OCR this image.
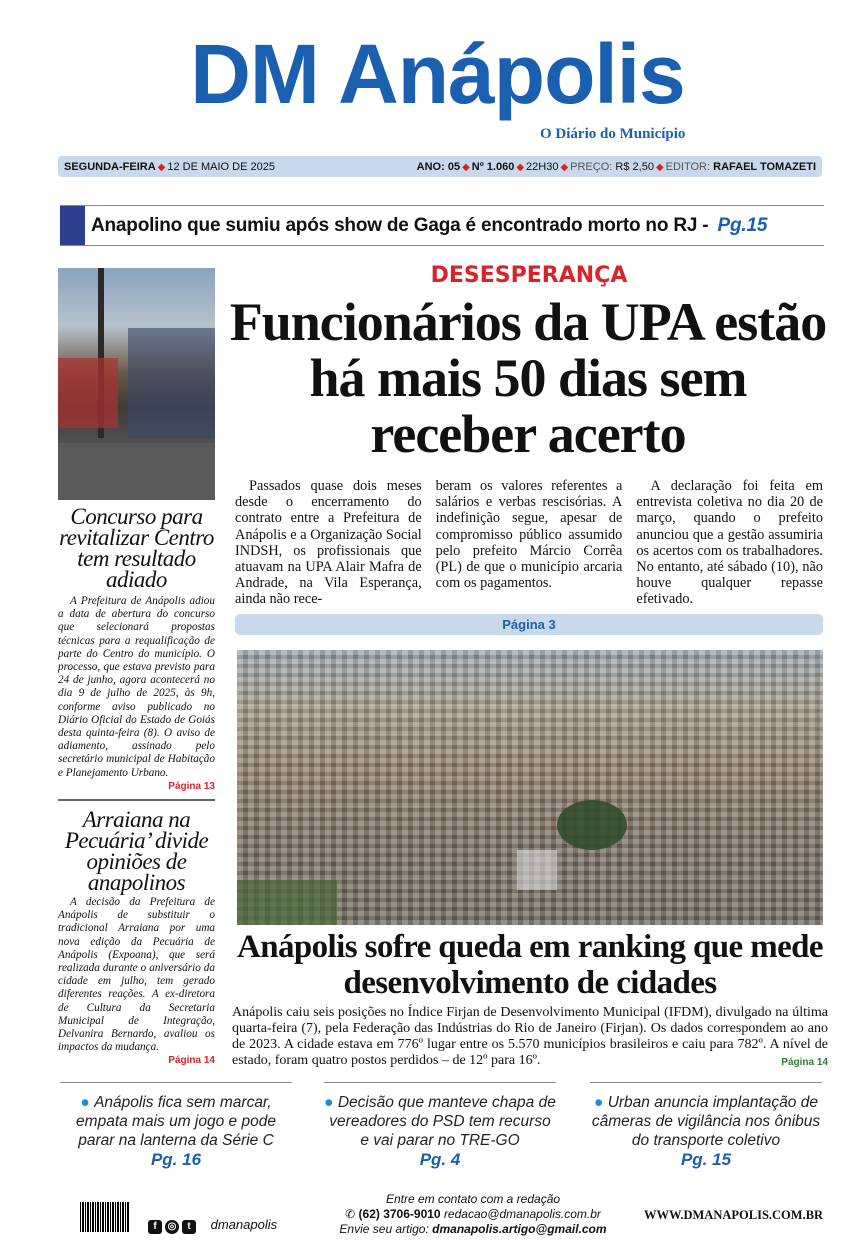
DM Anápolis
O Diário do Município
SEGUNDA-FEIRA ◆ 12 DE MAIO DE 2025	ANO: 05 ◆ Nº 1.060 ◆ 22H30 ◆ PREÇO: R$ 2,50 ◆ EDITOR: RAFAEL TOMAZETI
Anapolino que sumiu após show de Gaga é encontrado morto no RJ - Pg.15
Concurso para revitalizar Centro tem resultado adiado
A Prefeitura de Anápolis adiou a data de abertura do concurso que selecionará propostas técnicas para a requalificação de parte do Centro do município. O processo, que estava previsto para 24 de junho, agora acontecerá no dia 9 de julho de 2025, às 9h, conforme aviso publicado no Diário Oficial do Estado de Goiás desta quinta-feira (8). O aviso de adiamento, assinado pelo secretário municipal de Habitação e Planejamento Urbano.
Página 13
Arraiana na Pecuária’ divide opiniões de anapolinos
A decisão da Prefeitura de Anápolis de substituir o tradicional Arraiana por uma nova edição da Pecuária de Anápolis (Expoana), que será realizada durante o aniversário da cidade em julho, tem gerado diferentes reações. A ex-diretora de Cultura da Secretaria Municipal de Integração, Delvanira Bernardo, avaliou os impactos da mudança.
Página 14
DESESPERANÇA
Funcionários da UPA estão há mais 50 dias sem receber acerto

Passados quase dois meses desde o encerramento do contrato entre a Prefeitura de Anápolis e a Organização Social INDSH, os profissionais que atuavam na UPA Alair Mafra de Andrade, na Vila Esperança, ainda não rece-

beram os valores referentes a salários e verbas rescisórias. A indefinição segue, apesar de compromisso público assumido pelo prefeito Márcio Corrêa (PL) de que o município arcaria com os pagamentos.

A declaração foi feita em entrevista coletiva no dia 20 de março, quando o prefeito anunciou que a gestão assumiria os acertos com os trabalhadores. No entanto, até sábado (10), não houve qualquer repasse efetivado.

Página 3
Anápolis sofre queda em ranking que mede desenvolvimento de cidades
Anápolis caiu seis posições no Índice Firjan de Desenvolvimento Municipal (IFDM), divulgado na última quarta-feira (7), pela Federação das Indústrias do Rio de Janeiro (Firjan). Os dados correspondem ao ano de 2023. A cidade estava em 776º lugar entre os 5.570 municípios brasileiros e caiu para 782º. A nível de estado, foram quatro postos perdidos – de 12º para 16º.	Página 14
● Anápolis fica sem marcar, empata mais um jogo e pode parar na lanterna da Série C
Pg. 16
● Decisão que manteve chapa de vereadores do PSD tem recurso e vai parar no TRE-GO
Pg. 4
● Urban anuncia implantação de câmeras de vigilância nos ônibus do transporte coletivo
Pg. 15
f ◎ t dmanapolis
Entre em contato com a redação
✆ (62) 3706-9010 redacao@dmanapolis.com.br
Envie seu artigo: dmanapolis.artigo@gmail.com
WWW.DMANAPOLIS.COM.BR
